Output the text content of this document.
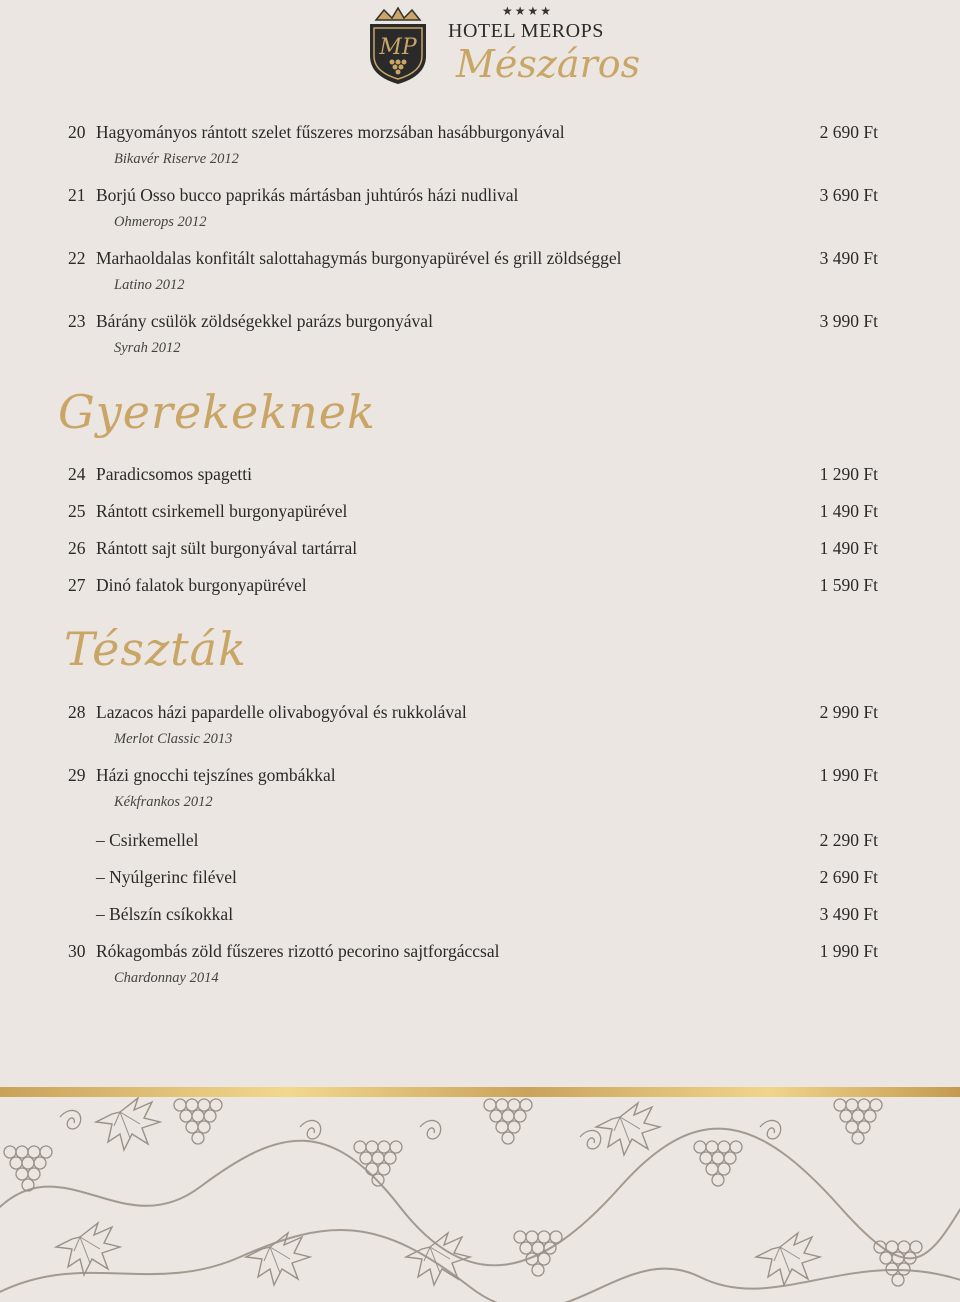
MP
★★★★
HOTEL MEROPS
Mészáros
20 Hagyományos rántott szelet fűszeres morzsában hasábburgonyával	2 690 Ft
Bikavér Riserve 2012
21 Borjú Osso bucco paprikás mártásban juhtúrós házi nudlival	3 690 Ft
Ohmerops 2012
22 Marhaoldalas konfitált salottahagymás burgonyapürével és grill zöldséggel	3 490 Ft
Latino 2012
23 Bárány csülök zöldségekkel parázs burgonyával	3 990 Ft
Syrah 2012
Gyerekeknek
24 Paradicsomos spagetti	1 290 Ft
25 Rántott csirkemell burgonyapürével	1 490 Ft
26 Rántott sajt sült burgonyával tartárral	1 490 Ft
27 Dinó falatok burgonyapürével	1 590 Ft
Tészták
28 Lazacos házi papardelle olivabogyóval és rukkolával	2 990 Ft
Merlot Classic 2013
29 Házi gnocchi tejszínes gombákkal	1 990 Ft
Kékfrankos 2012
– Csirkemellel	2 290 Ft
– Nyúlgerinc filével	2 690 Ft
– Bélszín csíkokkal	3 490 Ft
30 Rókagombás zöld fűszeres rizottó pecorino sajtforgáccsal	1 990 Ft
Chardonnay 2014
